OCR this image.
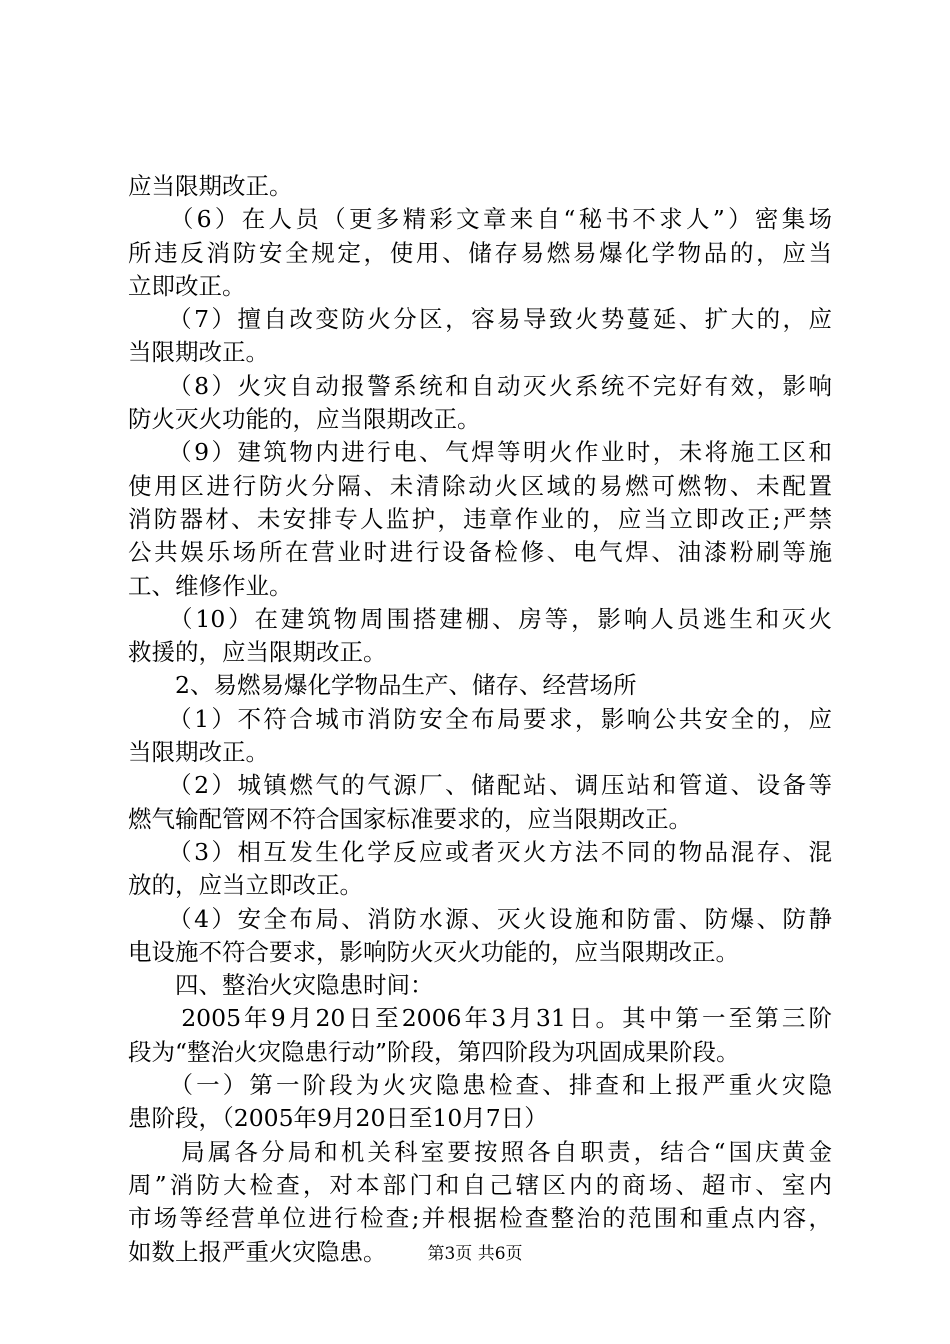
应当限期改正。
　　（6）在人员（更多精彩文章来自“秘书不求人”）密集场
所违反消防安全规定，使用、储存易燃易爆化学物品的，应当
立即改正。
　　（7）擅自改变防火分区，容易导致火势蔓延、扩大的，应
当限期改正。
　　（8）火灾自动报警系统和自动灭火系统不完好有效，影响
防火灭火功能的，应当限期改正。
　　（9）建筑物内进行电、气焊等明火作业时，未将施工区和
使用区进行防火分隔、未清除动火区域的易燃可燃物、未配置
消防器材、未安排专人监护，违章作业的，应当立即改正;严禁
公共娱乐场所在营业时进行设备检修、电气焊、油漆粉刷等施
工、维修作业。
　　（10）在建筑物周围搭建棚、房等，影响人员逃生和灭火
救援的，应当限期改正。
　　2、易燃易爆化学物品生产、储存、经营场所
　　（1）不符合城市消防安全布局要求，影响公共安全的，应
当限期改正。
　　（2）城镇燃气的气源厂、储配站、调压站和管道、设备等
燃气输配管网不符合国家标准要求的，应当限期改正。
　　（3）相互发生化学反应或者灭火方法不同的物品混存、混
放的，应当立即改正。
　　（4）安全布局、消防水源、灭火设施和防雷、防爆、防静
电设施不符合要求，影响防火灭火功能的，应当限期改正。
　　四、整治火灾隐患时间：
　　2005年9月20日至2006年3月31日。其中第一至第三阶
段为“整治火灾隐患行动”阶段，第四阶段为巩固成果阶段。
　　（一）第一阶段为火灾隐患检查、排查和上报严重火灾隐
患阶段，（2005年9月20日至10月7日）
　　局属各分局和机关科室要按照各自职责，结合“国庆黄金
周”消防大检查，对本部门和自己辖区内的商场、超市、室内
市场等经营单位进行检查;并根据检查整治的范围和重点内容，
如数上报严重火灾隐患。	第3页 共6页
